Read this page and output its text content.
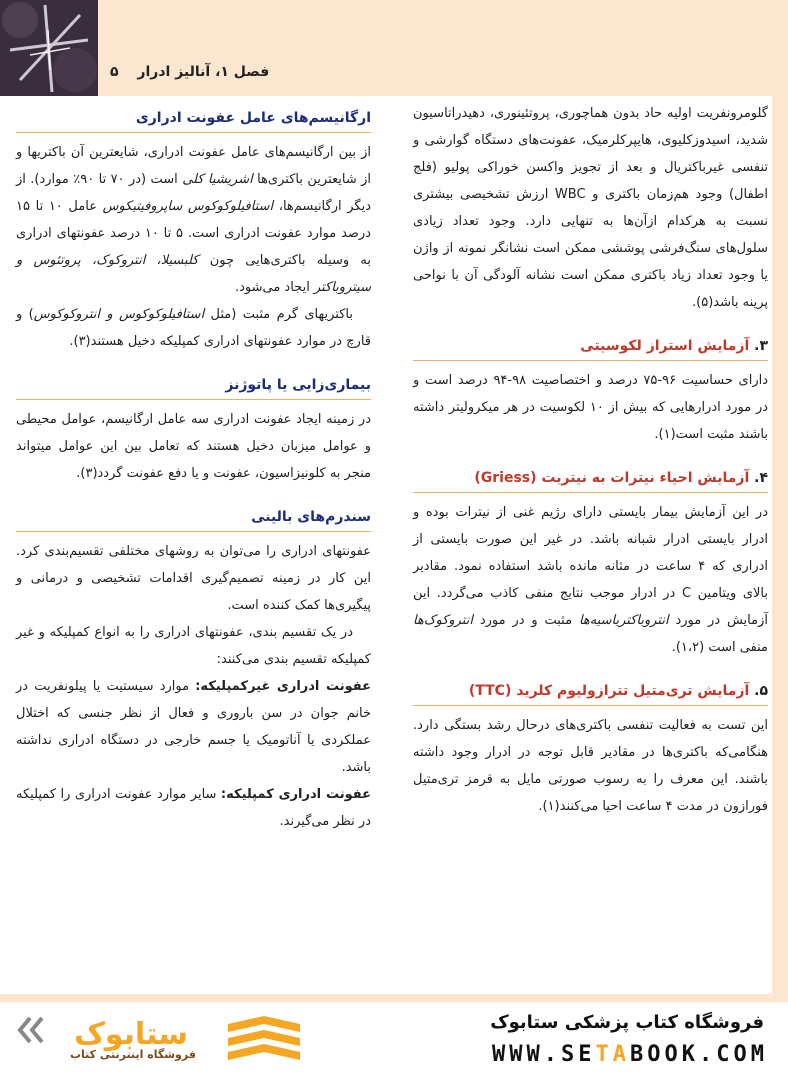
۵ فصل ۱، آنالیز ادرار

گلومرونفریت اولیه حاد بدون هماچوری، پروتئینوری، دهیدراتاسیون شدید، اسیدوزکلیوی، هایپرکلرمیک، عفونت‌های دستگاه گوارشی و تنفسی غیرباکتریال و بعد از تجویز واکسن خوراکی پولیو (فلج اطفال) وجود هم‌زمان باکتری و WBC ارزش تشخیصی بیشتری نسبت به هرکدام از‌آن‌ها به تنهایی دارد. وجود تعداد زیادی سلول‌های سنگ‌فرشی پوششی ممکن است نشانگر نمونه از واژن یا وجود تعداد زیاد باکتری ممکن است نشانه آلودگی آن با نواحی پرینه باشد(۵).

۳. آزمایش استراز لکوسیتی

دارای حساسیت ۹۶-۷۵ درصد و اختصاصیت ۹۸-۹۴ درصد است و در مورد ادرارهایی که بیش از ۱۰ لکوسیت در هر میکرولیتر داشته باشند مثبت است(۱).

۴. آزمایش احیاء نیترات به نیتریت (Griess)

در این آزمایش بیمار بایستی دارای رژیم غنی از نیترات بوده و ادرار بایستی ادرار شبانه باشد. در غیر این صورت بایستی از ادراری که ۴ ساعت در مثانه مانده باشد استفاده نمود. مقادیر بالای ویتامین C در ادرار موجب نتایج منفی کاذب می‌گردد. این آزمایش در مورد انتروباکتریاسیه‌ها مثبت و در مورد انتروکوک‌ها منفی است (۱،۲).

۵. آزمایش تری‌متیل تترازولیوم کلرید (TTC)

این تست به فعالیت تنفسی باکتری‌های درحال رشد بستگی دارد. هنگامی‌که باکتری‌ها در مقادیر قابل توجه در ادرار وجود داشته باشند. این معرف را به رسوب صورتی مایل به قرمز تری‌متیل فورازون در مدت ۴ ساعت احیا می‌کنند(۱).

ارگانیسم‌های عامل عفونت ادراری

از بین ارگانیسم‌های عامل عفونت ادراری، شایعترین آن باکتریها و از شایعترین باکتری‌ها اشریشیا کلی است (در ۷۰ تا ۹۰٪ موارد). از دیگر ارگانیسم‌ها، استافیلوکوکوس ساپروفیتیکوس عامل ۱۰ تا ۱۵ درصد موارد عفونت ادراری است. ۵ تا ۱۰ درصد عفونتهای ادراری به وسیله باکتری‌هایی چون کلبسیلا، انتروکوک، پروتئوس و سیتروباکتر ایجاد می‌شود.

باکتریهای گرم مثبت (مثل استافیلوکوکوس و انتروکوکوس) و قارچ در موارد عفونتهای ادراری کمپلیکه دخیل هستند(۳).

بیماری‌زایی یا پاتوژنز

در زمینه ایجاد عفونت ادراری سه عامل ارگانیسم، عوامل محیطی و عوامل میزبان دخیل هستند که تعامل بین این عوامل میتواند منجر به کلونیزاسیون، عفونت و یا دفع عفونت گردد(۳).

سندرم‌های بالینی

عفونتهای ادراری را می‌توان به روشهای مختلفی تقسیم‌بندی کرد. این کار در زمینه تصمیم‌گیری اقدامات تشخیصی و درمانی و پیگیری‌ها کمک کننده است.

در یک تقسیم بندی، عفونتهای ادراری را به انواع کمپلیکه و غیر کمپلیکه تقسیم بندی می‌کنند:

عفونت ادراری غیرکمپلیکه: موارد سیستیت یا پیلونفریت در خانم جوان در سن باروری و فعال از نظر جنسی که اختلال عملکردی یا آناتومیک یا جسم خارجی در دستگاه ادراری نداشته باشد.

عفونت ادراری کمپلیکه: سایر موارد عفونت ادراری را کمپلیکه در نظر می‌گیرند.

فروشگاه کتاب پزشکی ستابوک
WWW.SETABOOK.COM
ستابوک
فروشگاه اینترنتی کتاب
